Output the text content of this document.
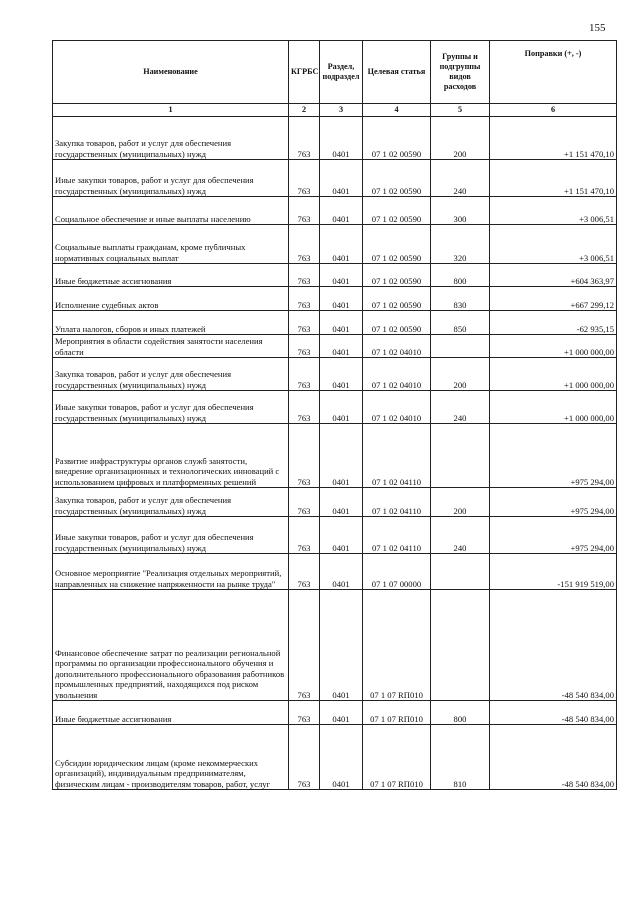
155
Наименование	КГРБС	Раздел, подраздел	Целевая статья	Группы и подгруппы видов расходов	Поправки (+, -)
1	2	3	4	5	6
Закупка товаров, работ и услуг для обеспечения государственных (муниципальных) нужд	763	0401	07 1 02 00590	200	+1 151 470,10
Иные закупки товаров, работ и услуг для обеспечения государственных (муниципальных) нужд	763	0401	07 1 02 00590	240	+1 151 470,10
Социальное обеспечение и иные выплаты населению	763	0401	07 1 02 00590	300	+3 006,51
Социальные выплаты гражданам, кроме публичных нормативных социальных выплат	763	0401	07 1 02 00590	320	+3 006,51
Иные бюджетные ассигнования	763	0401	07 1 02 00590	800	+604 363,97
Исполнение судебных актов	763	0401	07 1 02 00590	830	+667 299,12
Уплата налогов, сборов и иных платежей	763	0401	07 1 02 00590	850	-62 935,15
Мероприятия в области содействия занятости населения области	763	0401	07 1 02 04010		+1 000 000,00
Закупка товаров, работ и услуг для обеспечения государственных (муниципальных) нужд	763	0401	07 1 02 04010	200	+1 000 000,00
Иные закупки товаров, работ и услуг для обеспечения государственных (муниципальных) нужд	763	0401	07 1 02 04010	240	+1 000 000,00
Развитие инфраструктуры органов служб занятости, внедрение организационных и технологических инноваций с использованием цифровых и платформенных решений	763	0401	07 1 02 04110		+975 294,00
Закупка товаров, работ и услуг для обеспечения государственных (муниципальных) нужд	763	0401	07 1 02 04110	200	+975 294,00
Иные закупки товаров, работ и услуг для обеспечения государственных (муниципальных) нужд	763	0401	07 1 02 04110	240	+975 294,00
Основное мероприятие "Реализация отдельных мероприятий, направленных на снижение напряженности на рынке труда"	763	0401	07 1 07 00000		-151 919 519,00
Финансовое обеспечение затрат по реализации региональной программы по организации профессионального обучения и дополнительного профессионального образования работников промышленных предприятий, находящихся под риском увольнения	763	0401	07 1 07 RП010		-48 540 834,00
Иные бюджетные ассигнования	763	0401	07 1 07 RП010	800	-48 540 834,00
Субсидии юридическим лицам (кроме некоммерческих организаций), индивидуальным предпринимателям, физическим лицам - производителям товаров, работ, услуг	763	0401	07 1 07 RП010	810	-48 540 834,00
